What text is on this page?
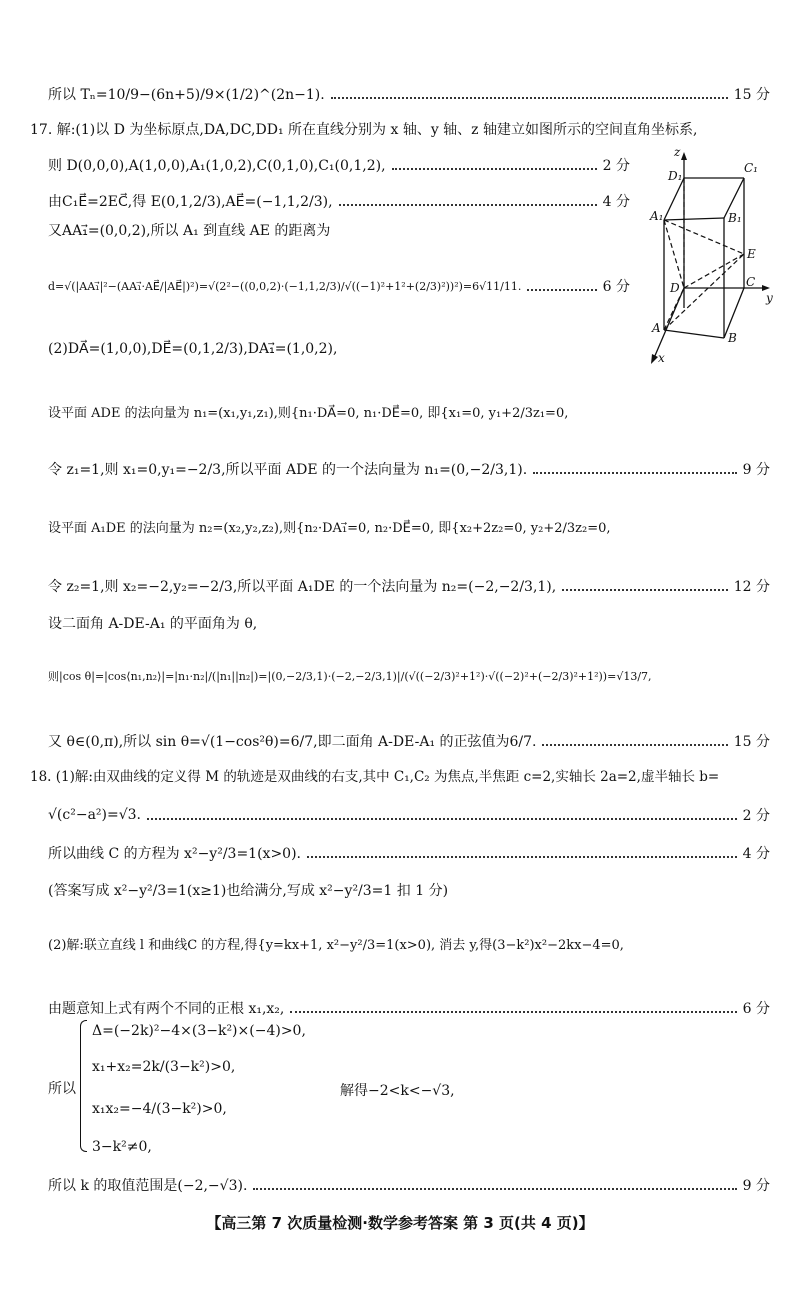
所以 Tₙ=10/9−(6n+5)/9×(1/2)^(2n−1).	15 分
17. 解:(1)以 D 为坐标原点,DA,DC,DD₁ 所在直线分别为 x 轴、y 轴、z 轴建立如图所示的空间直角坐标系,
则 D(0,0,0),A(1,0,0),A₁(1,0,2),C(0,1,0),C₁(0,1,2),	2 分
由C₁E⃗=2EC⃗,得 E(0,1,2/3),AE⃗=(−1,1,2/3),	4 分
又AA₁⃗=(0,0,2),所以 A₁ 到直线 AE 的距离为
d=√(|AA₁⃗|²−(AA₁⃗·AE⃗/|AE⃗|)²)=√(2²−((0,0,2)·(−1,1,2/3)/√((−1)²+1²+(2/3)²))²)=6√11/11.	6 分
(2)DA⃗=(1,0,0),DE⃗=(0,1,2/3),DA₁⃗=(1,0,2),
设平面 ADE 的法向量为 n₁=(x₁,y₁,z₁),则{n₁·DA⃗=0, n₁·DE⃗=0, 即{x₁=0, y₁+2/3z₁=0,
令 z₁=1,则 x₁=0,y₁=−2/3,所以平面 ADE 的一个法向量为 n₁=(0,−2/3,1).	9 分
设平面 A₁DE 的法向量为 n₂=(x₂,y₂,z₂),则{n₂·DA₁⃗=0, n₂·DE⃗=0, 即{x₂+2z₂=0, y₂+2/3z₂=0,
令 z₂=1,则 x₂=−2,y₂=−2/3,所以平面 A₁DE 的一个法向量为 n₂=(−2,−2/3,1),	12 分
设二面角 A-DE-A₁ 的平面角为 θ,
则|cos θ|=|cos⟨n₁,n₂⟩|=|n₁·n₂|/(|n₁||n₂|)=|(0,−2/3,1)·(−2,−2/3,1)|/(√((−2/3)²+1²)·√((−2)²+(−2/3)²+1²))=√13/7,
又 θ∈(0,π),所以 sin θ=√(1−cos²θ)=6/7,即二面角 A-DE-A₁ 的正弦值为6/7.	15 分
z
y
x
D₁
C₁
A₁	B₁
E
D	C
A
B
18. (1)解:由双曲线的定义得 M 的轨迹是双曲线的右支,其中 C₁,C₂ 为焦点,半焦距 c=2,实轴长 2a=2,虚半轴长 b=
√(c²−a²)=√3.	2 分
所以曲线 C 的方程为 x²−y²/3=1(x>0).	4 分
(答案写成 x²−y²/3=1(x≥1)也给满分,写成 x²−y²/3=1 扣 1 分)
(2)解:联立直线 l 和曲线C 的方程,得{y=kx+1, x²−y²/3=1(x>0), 消去 y,得(3−k²)x²−2kx−4=0,
由题意知上式有两个不同的正根 x₁,x₂,	6 分
所以
Δ=(−2k)²−4×(3−k²)×(−4)>0,
x₁+x₂=2k/(3−k²)>0,
x₁x₂=−4/(3−k²)>0,
3−k²≠0,
解得−2<k<−√3,
所以 k 的取值范围是(−2,−√3).	9 分
【高三第 7 次质量检测·数学参考答案 第 3 页(共 4 页)】
